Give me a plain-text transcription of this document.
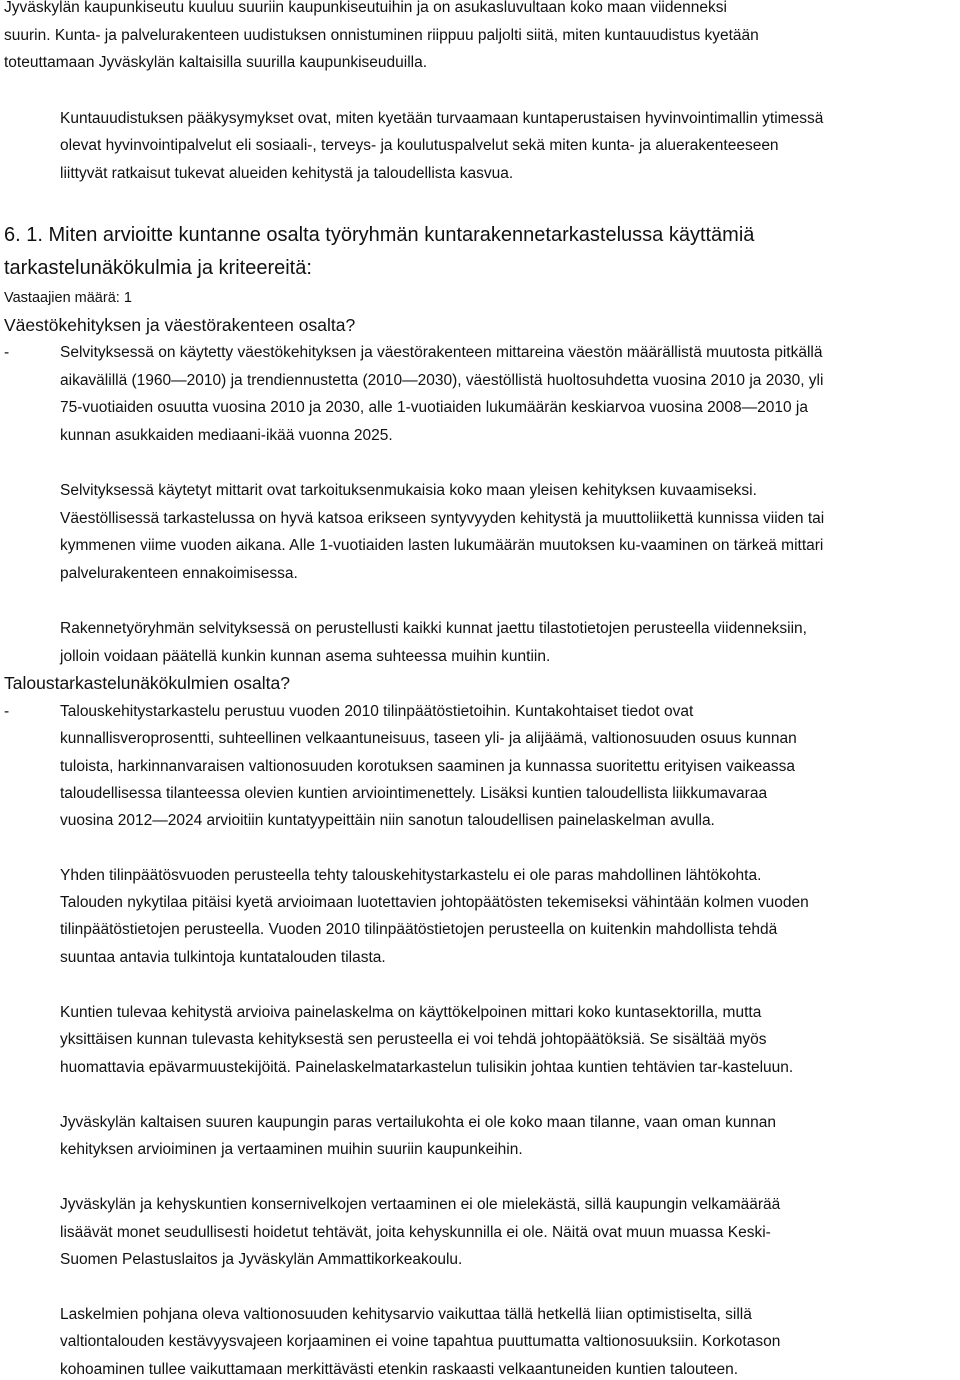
Jyväskylän kaupunkiseutu kuuluu suuriin kaupunkiseutuihin ja on asukasluvultaan koko maan viidenneksi
suurin. Kunta- ja palvelurakenteen uudistuksen onnistuminen riippuu paljolti siitä, miten kuntauudistus kyetään
toteuttamaan Jyväskylän kaltaisilla suurilla kaupunkiseuduilla.
Kuntauudistuksen pääkysymykset ovat, miten kyetään turvaamaan kuntaperustaisen hyvinvointimallin ytimessä
olevat hyvinvointipalvelut eli sosiaali-, terveys- ja koulutuspalvelut sekä miten kunta- ja aluerakenteeseen
liittyvät ratkaisut tukevat alueiden kehitystä ja taloudellista kasvua.
6. 1. Miten arvioitte kuntanne osalta työryhmän kuntarakennetarkastelussa käyttämiä
tarkastelunäkökulmia ja kriteereitä:
Vastaajien määrä: 1
Väestökehityksen ja väestörakenteen osalta?
-	Selvityksessä on käytetty väestökehityksen ja väestörakenteen mittareina väestön määrällistä muutosta pitkällä
aikavälillä (1960—2010) ja trendiennustetta (2010—2030), väestöllistä huoltosuhdetta vuosina 2010 ja 2030, yli
75-vuotiaiden osuutta vuosina 2010 ja 2030, alle 1-vuotiaiden lukumäärän keskiarvoa vuosina 2008—2010 ja
kunnan asukkaiden mediaani-ikää vuonna 2025.
Selvityksessä käytetyt mittarit ovat tarkoituksenmukaisia koko maan yleisen kehityksen kuvaamiseksi.
Väestöllisessä tarkastelussa on hyvä katsoa erikseen syntyvyyden kehitystä ja muuttoliikettä kunnissa viiden tai
kymmenen viime vuoden aikana. Alle 1-vuotiaiden lasten lukumäärän muutoksen ku-vaaminen on tärkeä mittari
palvelurakenteen ennakoimisessa.
Rakennetyöryhmän selvityksessä on perustellusti kaikki kunnat jaettu tilastotietojen perusteella viidenneksiin,
jolloin voidaan päätellä kunkin kunnan asema suhteessa muihin kuntiin.
Taloustarkastelunäkökulmien osalta?
-	Talouskehitystarkastelu perustuu vuoden 2010 tilinpäätöstietoihin. Kuntakohtaiset tiedot ovat
kunnallisveroprosentti, suhteellinen velkaantuneisuus, taseen yli- ja alijäämä, valtionosuuden osuus kunnan
tuloista, harkinnanvaraisen valtionosuuden korotuksen saaminen ja kunnassa suoritettu erityisen vaikeassa
taloudellisessa tilanteessa olevien kuntien arviointimenettely. Lisäksi kuntien taloudellista liikkumavaraa
vuosina 2012—2024 arvioitiin kuntatyypeittäin niin sanotun taloudellisen painelaskelman avulla.
Yhden tilinpäätösvuoden perusteella tehty talouskehitystarkastelu ei ole paras mahdollinen lähtökohta.
Talouden nykytilaa pitäisi kyetä arvioimaan luotettavien johtopäätösten tekemiseksi vähintään kolmen vuoden
tilinpäätöstietojen perusteella. Vuoden 2010 tilinpäätöstietojen perusteella on kuitenkin mahdollista tehdä
suuntaa antavia tulkintoja kuntatalouden tilasta.
Kuntien tulevaa kehitystä arvioiva painelaskelma on käyttökelpoinen mittari koko kuntasektorilla, mutta
yksittäisen kunnan tulevasta kehityksestä sen perusteella ei voi tehdä johtopäätöksiä. Se sisältää myös
huomattavia epävarmuustekijöitä. Painelaskelmatarkastelun tulisikin johtaa kuntien tehtävien tar-kasteluun.
Jyväskylän kaltaisen suuren kaupungin paras vertailukohta ei ole koko maan tilanne, vaan oman kunnan
kehityksen arvioiminen ja vertaaminen muihin suuriin kaupunkeihin.
Jyväskylän ja kehyskuntien konsernivelkojen vertaaminen ei ole mielekästä, sillä kaupungin velkamäärää
lisäävät monet seudullisesti hoidetut tehtävät, joita kehyskunnilla ei ole. Näitä ovat muun muassa Keski-
Suomen Pelastuslaitos ja Jyväskylän Ammattikorkeakoulu.
Laskelmien pohjana oleva valtionosuuden kehitysarvio vaikuttaa tällä hetkellä liian optimistiselta, sillä
valtiontalouden kestävyysvajeen korjaaminen ei voine tapahtua puuttumatta valtionosuuksiin. Korkotason
kohoaminen tullee vaikuttamaan merkittävästi etenkin raskaasti velkaantuneiden kuntien talouteen.
